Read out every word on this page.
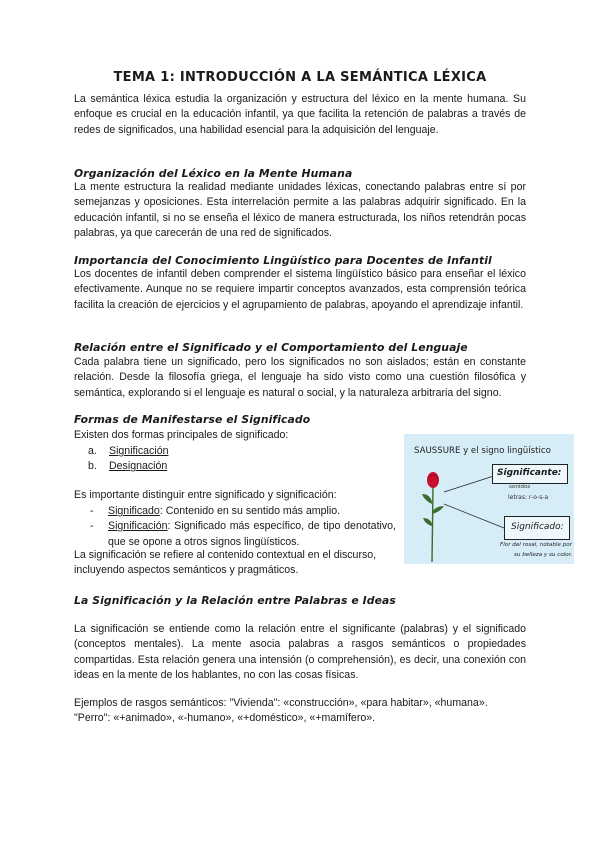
TEMA 1: INTRODUCCIÓN A LA SEMÁNTICA LÉXICA

La semántica léxica estudia la organización y estructura del léxico en la mente humana. Su enfoque es crucial en la educación infantil, ya que facilita la retención de palabras a través de redes de significados, una habilidad esencial para la adquisición del lenguaje.

Organización del Léxico en la Mente Humana

La mente estructura la realidad mediante unidades léxicas, conectando palabras entre sí por semejanzas y oposiciones. Esta interrelación permite a las palabras adquirir significado. En la educación infantil, si no se enseña el léxico de manera estructurada, los niños retendrán pocas palabras, ya que carecerán de una red de significados.

Importancia del Conocimiento Lingüístico para Docentes de Infantil

Los docentes de infantil deben comprender el sistema lingüístico básico para enseñar el léxico efectivamente. Aunque no se requiere impartir conceptos avanzados, esta comprensión teórica facilita la creación de ejercicios y el agrupamiento de palabras, apoyando el aprendizaje infantil.

Relación entre el Significado y el Comportamiento del Lenguaje

Cada palabra tiene un significado, pero los significados no son aislados; están en constante relación. Desde la filosofía griega, el lenguaje ha sido visto como una cuestión filosófica y semántica, explorando si el lenguaje es natural o social, y la naturaleza arbitraria del signo.

Formas de Manifestarse el Significado

Existen dos formas principales de significado:

a. Significación
b. Designación

Es importante distinguir entre significado y significación:

- Significado: Contenido en su sentido más amplio.
- Significación: Significado más específico, de tipo denotativo, que se opone a otros signos lingüísticos.

La significación se refiere al contenido contextual en el discurso, incluyendo aspectos semánticos y pragmáticos.

SAUSSURE y el signo lingüístico
Significante:
sonidos
letras: r-o-s-a
Significado:
Flor del rosal, notable por
su belleza y su color.
La Significación y la Relación entre Palabras e Ideas

La significación se entiende como la relación entre el significante (palabras) y el significado (conceptos mentales). La mente asocia palabras a rasgos semánticos o propiedades compartidas. Esta relación genera una intensión (o comprehensión), es decir, una conexión con ideas en la mente de los hablantes, no con las cosas físicas.

Ejemplos de rasgos semánticos: "Vivienda": «construcción», «para habitar», «humana». "Perro": «+animado», «-humano», «+doméstico», «+mamífero».
